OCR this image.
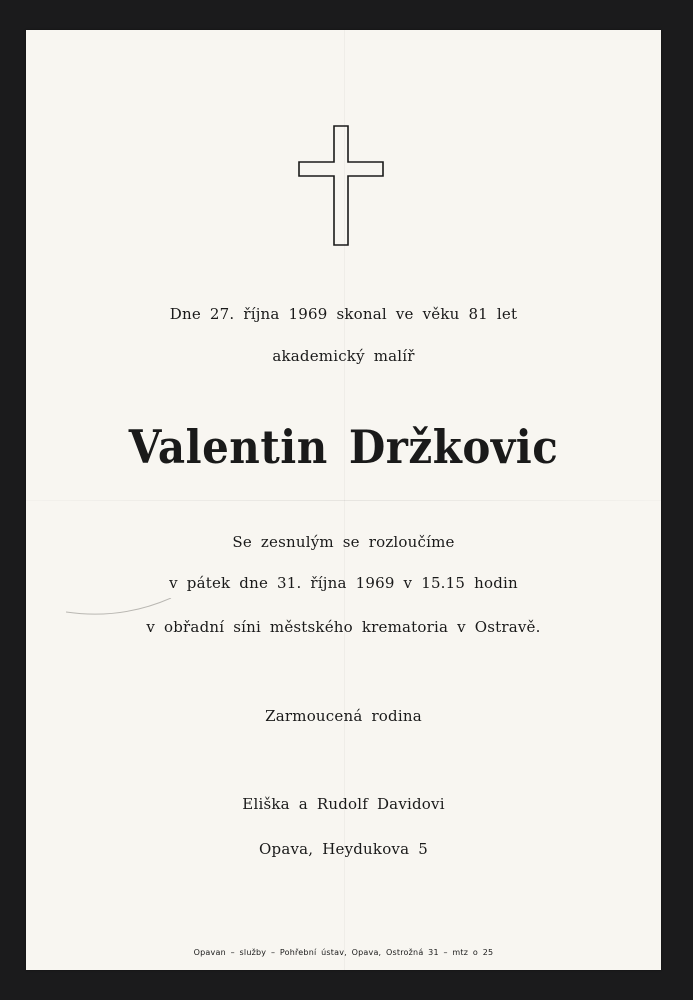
Dne 27. října 1969 skonal ve věku 81 let
akademický malíř
Valentin Držkovic
Se zesnulým se rozloučíme
v pátek dne 31. října 1969 v 15.15 hodin
v obřadní síni městského krematoria v Ostravě.
Zarmoucená rodina
Eliška a Rudolf Davidovi
Opava, Heydukova 5
Opavan – služby – Pohřební ústav, Opava, Ostrožná 31 – mtz o 25
